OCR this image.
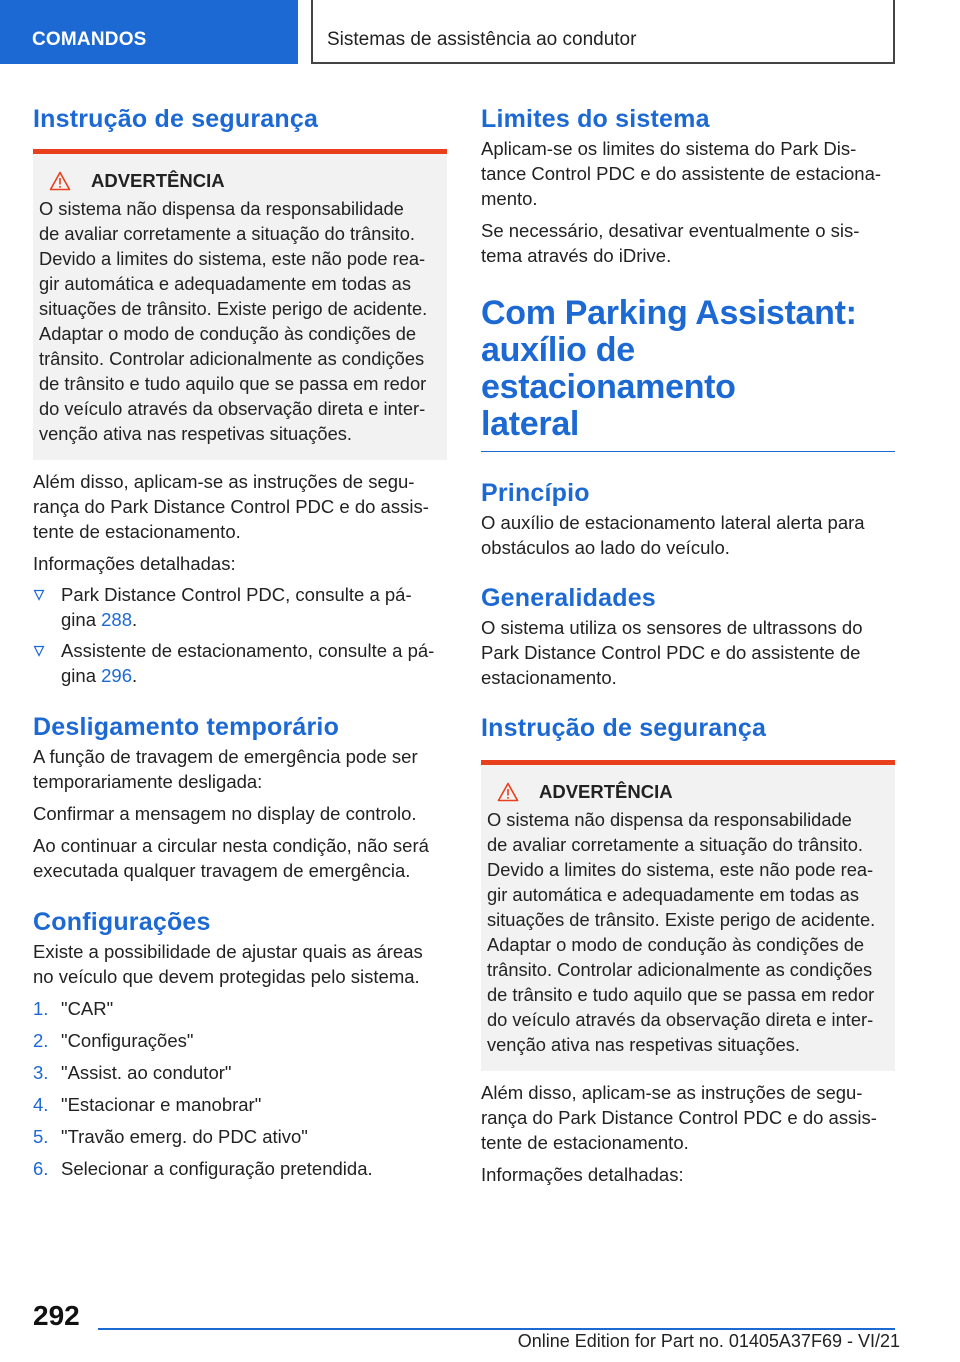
COMANDOS	Sistemas de assistência ao condutor
Instrução de segurança
ADVERTÊNCIA

O sistema não dispensa da responsabilidade

de avaliar corretamente a situação do trânsito.

Devido a limites do sistema, este não pode rea-

gir automática e adequadamente em todas as

situações de trânsito. Existe perigo de acidente.

Adaptar o modo de condução às condições de

trânsito. Controlar adicionalmente as condições

de trânsito e tudo aquilo que se passa em redor

do veículo através da observação direta e inter-

venção ativa nas respetivas situações.

Além disso, aplicam-se as instruções de segu-

rança do Park Distance Control PDC e do assis-

tente de estacionamento.

Informações detalhadas:

Park Distance Control PDC, consulte a pá-
gina 288.
Assistente de estacionamento, consulte a pá-
gina 296.
Desligamento temporário

A função de travagem de emergência pode ser

temporariamente desligada:

Confirmar a mensagem no display de controlo.

Ao continuar a circular nesta condição, não será

executada qualquer travagem de emergência.

Configurações

Existe a possibilidade de ajustar quais as áreas

no veículo que devem protegidas pelo sistema.

1. "CAR"
2. "Configurações"
3. "Assist. ao condutor"
4. "Estacionar e manobrar"
5. "Travão emerg. do PDC ativo"
6. Selecionar a configuração pretendida.
Limites do sistema

Aplicam-se os limites do sistema do Park Dis-

tance Control PDC e do assistente de estaciona-

mento.

Se necessário, desativar eventualmente o sis-

tema através do iDrive.

Com Parking Assistant:
auxílio de estacionamento
lateral
Princípio

O auxílio de estacionamento lateral alerta para

obstáculos ao lado do veículo.

Generalidades

O sistema utiliza os sensores de ultrassons do

Park Distance Control PDC e do assistente de

estacionamento.

Instrução de segurança
ADVERTÊNCIA

O sistema não dispensa da responsabilidade

de avaliar corretamente a situação do trânsito.

Devido a limites do sistema, este não pode rea-

gir automática e adequadamente em todas as

situações de trânsito. Existe perigo de acidente.

Adaptar o modo de condução às condições de

trânsito. Controlar adicionalmente as condições

de trânsito e tudo aquilo que se passa em redor

do veículo através da observação direta e inter-

venção ativa nas respetivas situações.

Além disso, aplicam-se as instruções de segu-

rança do Park Distance Control PDC e do assis-

tente de estacionamento.

Informações detalhadas:

292
Online Edition for Part no. 01405A37F69 - VI/21
